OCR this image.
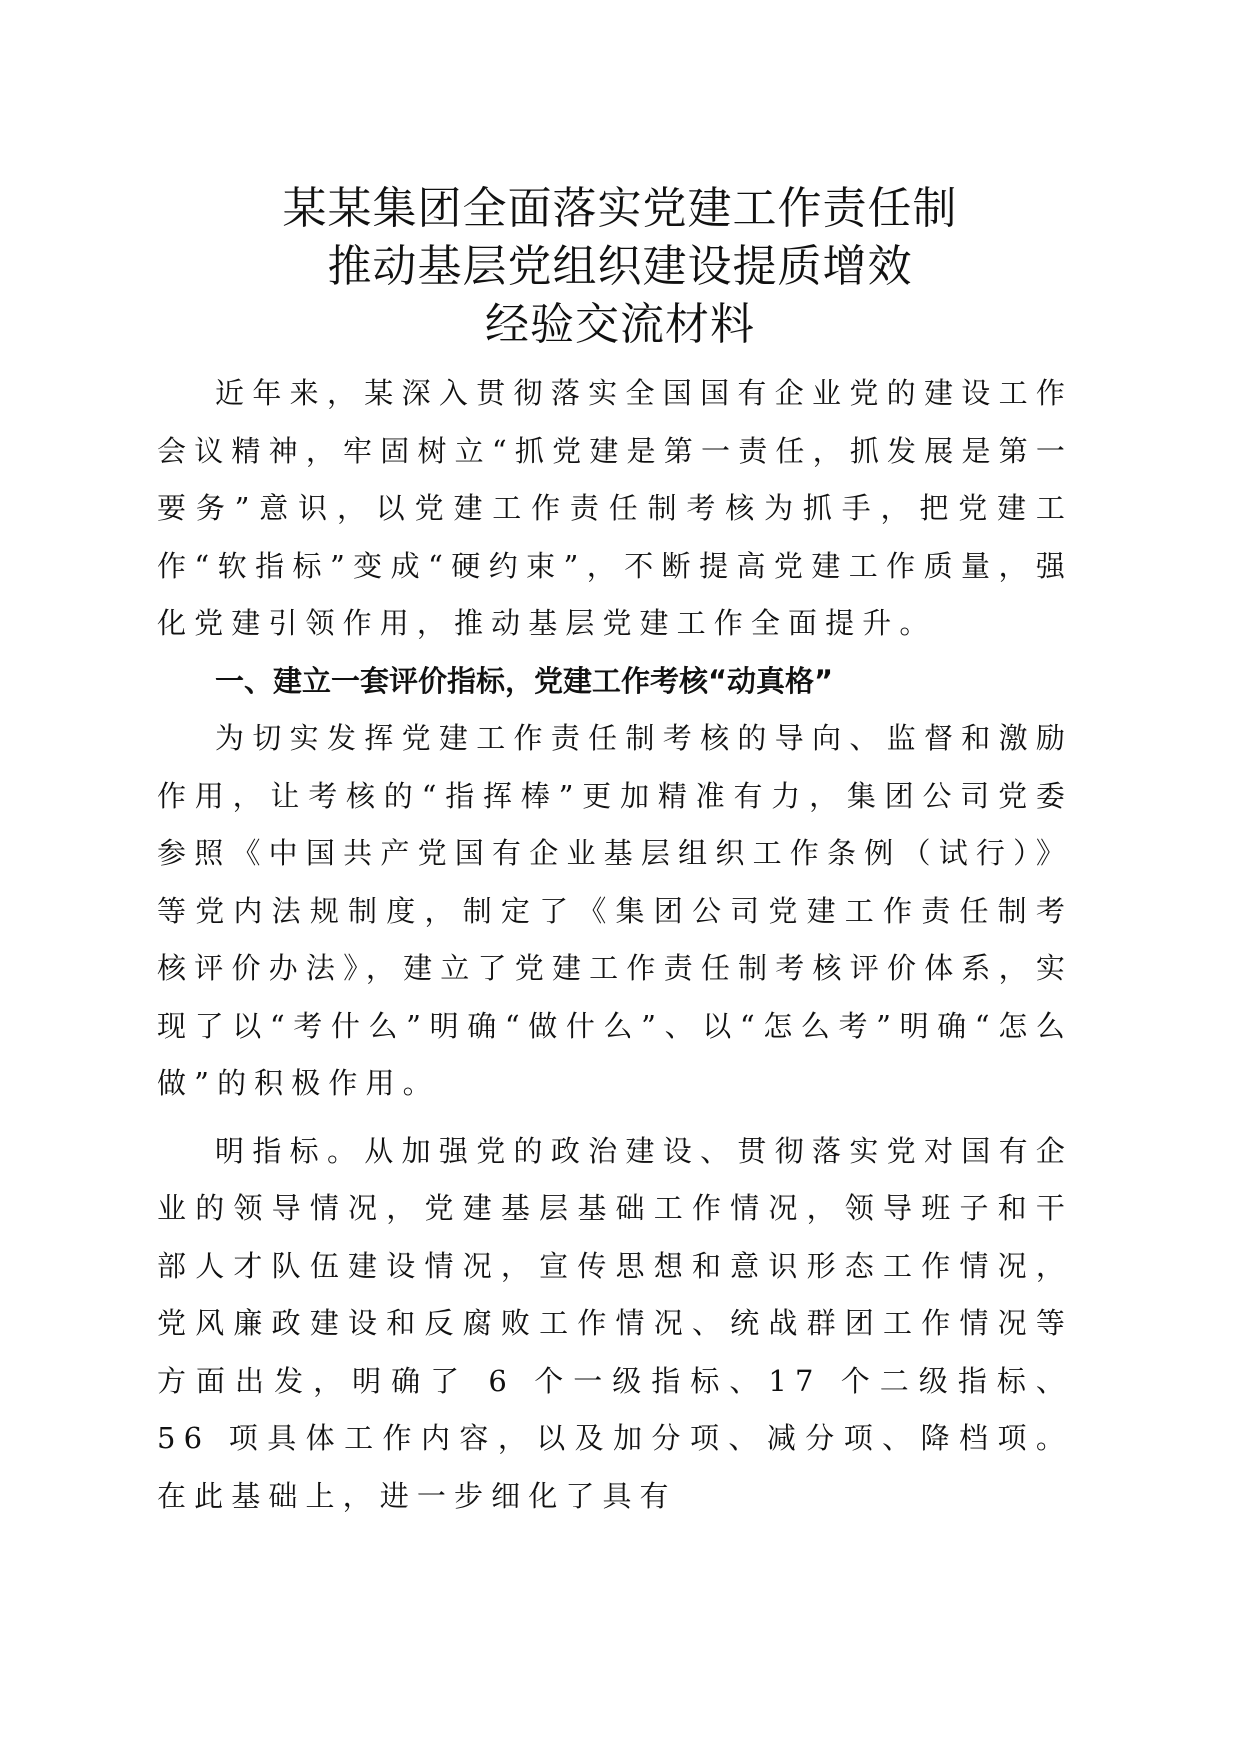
某某集团全面落实党建工作责任制
推动基层党组织建设提质增效
经验交流材料

近年来，某深入贯彻落实全国国有企业党的建设工作会议精神，牢固树立“抓党建是第一责任，抓发展是第一要务”意识，以党建工作责任制考核为抓手，把党建工作“软指标”变成“硬约束”，不断提高党建工作质量，强化党建引领作用，推动基层党建工作全面提升。

一、建立一套评价指标，党建工作考核“动真格”

为切实发挥党建工作责任制考核的导向、监督和激励作用，让考核的“指挥棒”更加精准有力，集团公司党委参照《中国共产党国有企业基层组织工作条例（试行）》等党内法规制度，制定了《集团公司党建工作责任制考核评价办法》，建立了党建工作责任制考核评价体系，实现了以“考什么”明确“做什么”、以“怎么考”明确“怎么做”的积极作用。

明指标。从加强党的政治建设、贯彻落实党对国有企业的领导情况，党建基层基础工作情况，领导班子和干部人才队伍建设情况，宣传思想和意识形态工作情况，党风廉政建设和反腐败工作情况、统战群团工作情况等方面出发，明确了 6 个一级指标、17 个二级指标、56 项具体工作内容，以及加分项、减分项、降档项。在此基础上，进一步细化了具有
